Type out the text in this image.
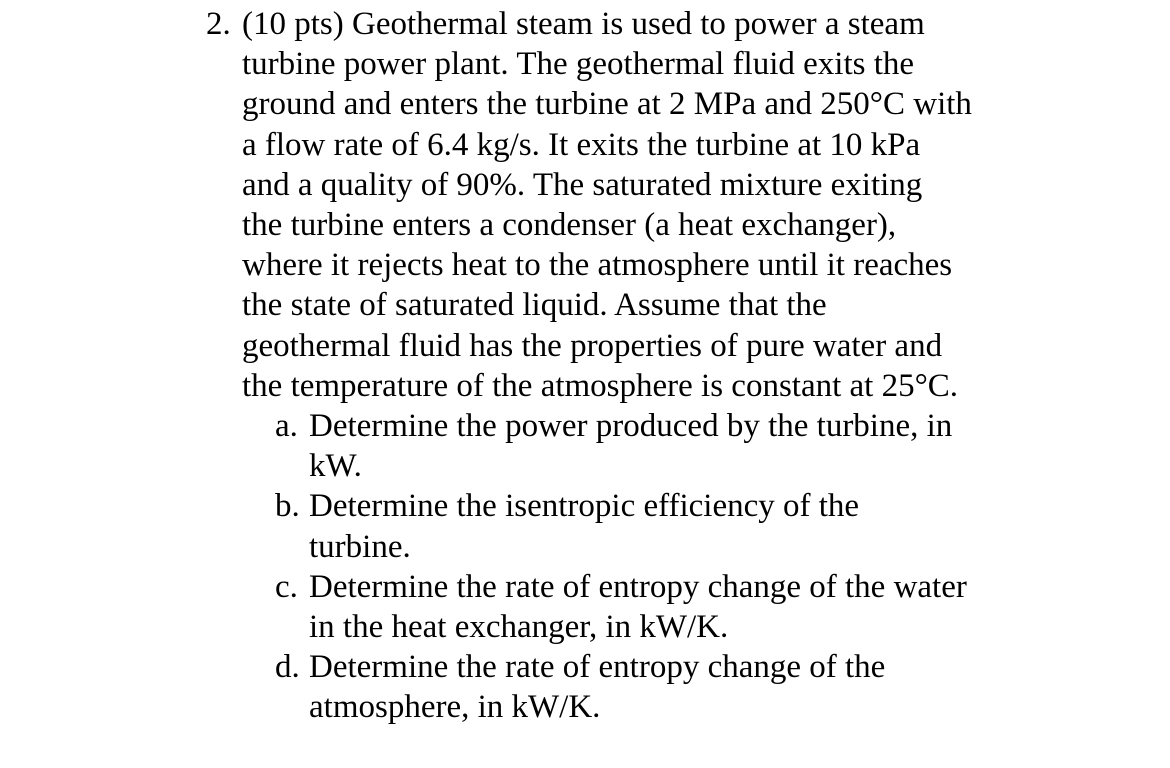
2. (10 pts) Geothermal steam is used to power a steam
turbine power plant. The geothermal fluid exits the
ground and enters the turbine at 2 MPa and 250°C with
a flow rate of 6.4 kg/s. It exits the turbine at 10 kPa
and a quality of 90%. The saturated mixture exiting
the turbine enters a condenser (a heat exchanger),
where it rejects heat to the atmosphere until it reaches
the state of saturated liquid. Assume that the
geothermal fluid has the properties of pure water and
the temperature of the atmosphere is constant at 25°C.
a. Determine the power produced by the turbine, in
kW.
b. Determine the isentropic efficiency of the
turbine.
c. Determine the rate of entropy change of the water
in the heat exchanger, in kW/K.
d. Determine the rate of entropy change of the
atmosphere, in kW/K.
